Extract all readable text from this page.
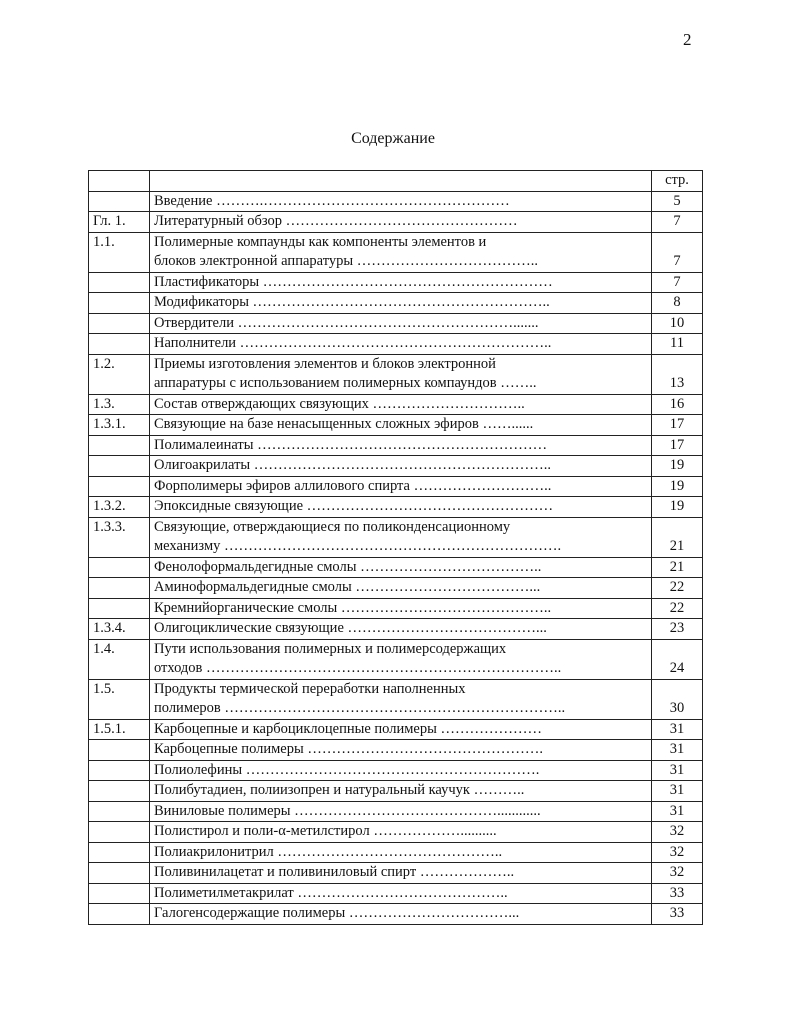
2
Содержание
		стр.
	Введение ……….……………………………………………	5
Гл. 1.	Литературный обзор …………………………………………	7
1.1.	Полимерные компаунды как компоненты элементов и
блоков электронной аппаратуры ………………………………..	7
	Пластификаторы ……………………………………………………	7
	Модификаторы ……………………………………………………..	8
	Отвердители ………………………………………………….......	10
	Наполнители ………………………………………………………..	11
1.2.	Приемы изготовления элементов и блоков электронной
аппаратуры с использованием полимерных компаундов ……..	13
1.3.	Состав отверждающих связующих …………………………..	16
1.3.1.	Связующие на базе ненасыщенных сложных эфиров ……......	17
	Полималеинаты ……………………………………………………	17
	Олигоакрилаты ……………………………………………………..	19
	Форполимеры эфиров аллилового спирта ………………………..	19
1.3.2.	Эпоксидные связующие ……………………………………………	19
1.3.3.	Связующие, отверждающиеся по поликонденсационному
механизму …………………………………………………………….	21
	Фенолоформальдегидные смолы ………………………………..	21
	Аминоформальдегидные смолы ………………………………...	22
	Кремнийорганические смолы ……………………………………..	22
1.3.4.	Олигоциклические связующие …………………………………...	23
1.4.	Пути использования полимерных и полимерсодержащих
отходов ………………………………………………………………..	24
1.5.	Продукты термической переработки наполненных
полимеров ……………………………………………………………..	30
1.5.1.	Карбоцепные и карбоциклоцепные полимеры …………………	31
	Карбоцепные полимеры ………………………………………….	31
	Полиолефины …………………………………………………….	31
	Полибутадиен, полиизопрен и натуральный каучук ………..	31
	Виниловые полимеры ……………………………………............	31
	Полистирол и поли-α-метилстирол ………………..........	32
	Полиакрилонитрил ………………………………………..	32
	Поливинилацетат и поливиниловый спирт ………………..	32
	Полиметилметакрилат ……………………………………..	33
	Галогенсодержащие полимеры ……………………………...	33
